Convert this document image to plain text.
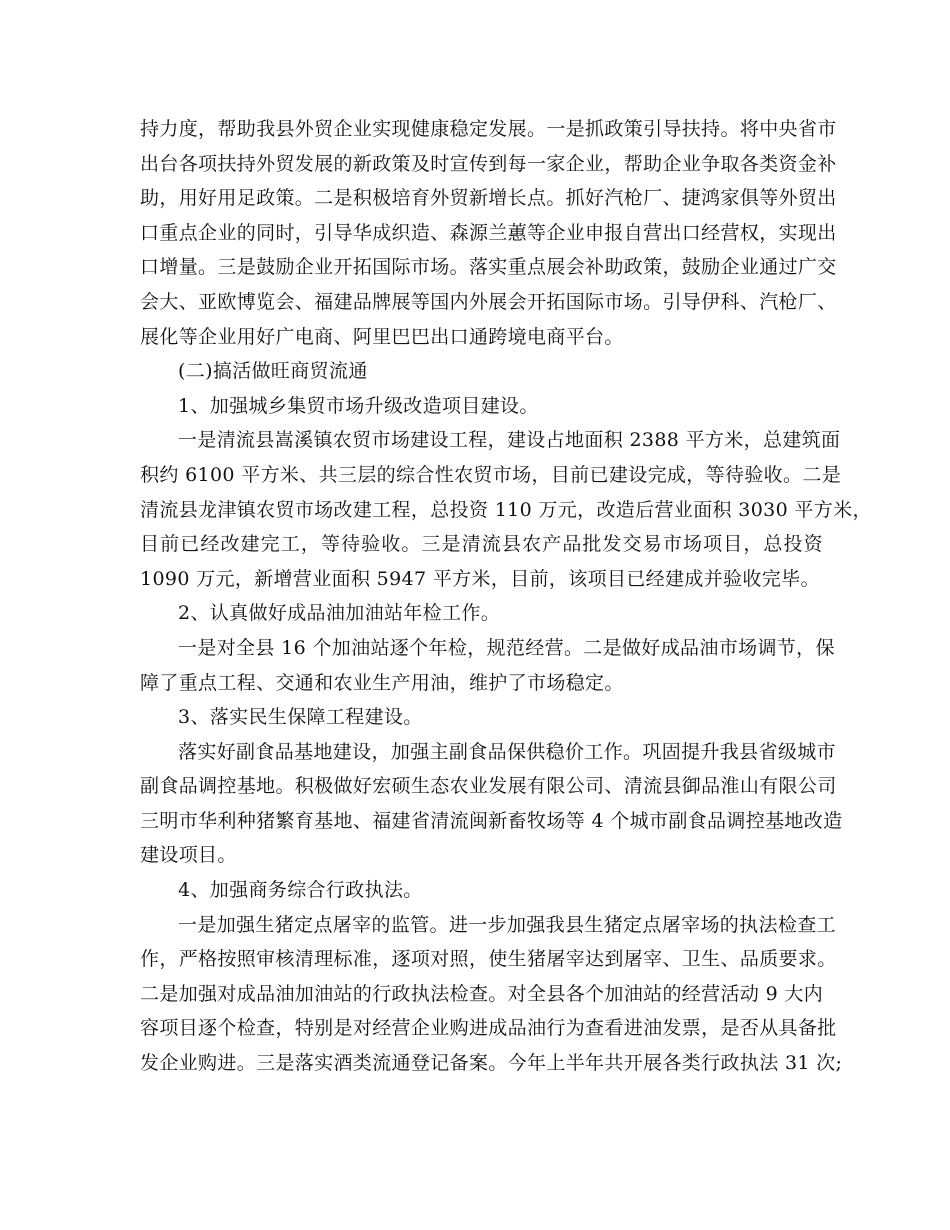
持力度，帮助我县外贸企业实现健康稳定发展。一是抓政策引导扶持。将中央省市
出台各项扶持外贸发展的新政策及时宣传到每一家企业，帮助企业争取各类资金补
助，用好用足政策。二是积极培育外贸新增长点。抓好汽枪厂、捷鸿家俱等外贸出
口重点企业的同时，引导华成织造、森源兰蕙等企业申报自营出口经营权，实现出
口增量。三是鼓励企业开拓国际市场。落实重点展会补助政策，鼓励企业通过广交
会大、亚欧博览会、福建品牌展等国内外展会开拓国际市场。引导伊科、汽枪厂、
展化等企业用好广电商、阿里巴巴出口通跨境电商平台。
(二)搞活做旺商贸流通
1、加强城乡集贸市场升级改造项目建设。
一是清流县嵩溪镇农贸市场建设工程，建设占地面积 2388 平方米，总建筑面
积约 6100 平方米、共三层的综合性农贸市场，目前已建设完成，等待验收。二是
清流县龙津镇农贸市场改建工程，总投资 110 万元，改造后营业面积 3030 平方米，
目前已经改建完工，等待验收。三是清流县农产品批发交易市场项目，总投资
1090 万元，新增营业面积 5947 平方米，目前，该项目已经建成并验收完毕。
2、认真做好成品油加油站年检工作。
一是对全县 16 个加油站逐个年检，规范经营。二是做好成品油市场调节，保
障了重点工程、交通和农业生产用油，维护了市场稳定。
3、落实民生保障工程建设。
落实好副食品基地建设，加强主副食品保供稳价工作。巩固提升我县省级城市
副食品调控基地。积极做好宏硕生态农业发展有限公司、清流县御品淮山有限公司
三明市华利种猪繁育基地、福建省清流闽新畜牧场等 4 个城市副食品调控基地改造
建设项目。
4、加强商务综合行政执法。
一是加强生猪定点屠宰的监管。进一步加强我县生猪定点屠宰场的执法检查工
作，严格按照审核清理标准，逐项对照，使生猪屠宰达到屠宰、卫生、品质要求。
二是加强对成品油加油站的行政执法检查。对全县各个加油站的经营活动 9 大内
容项目逐个检查，特别是对经营企业购进成品油行为查看进油发票，是否从具备批
发企业购进。三是落实酒类流通登记备案。今年上半年共开展各类行政执法 31 次;
